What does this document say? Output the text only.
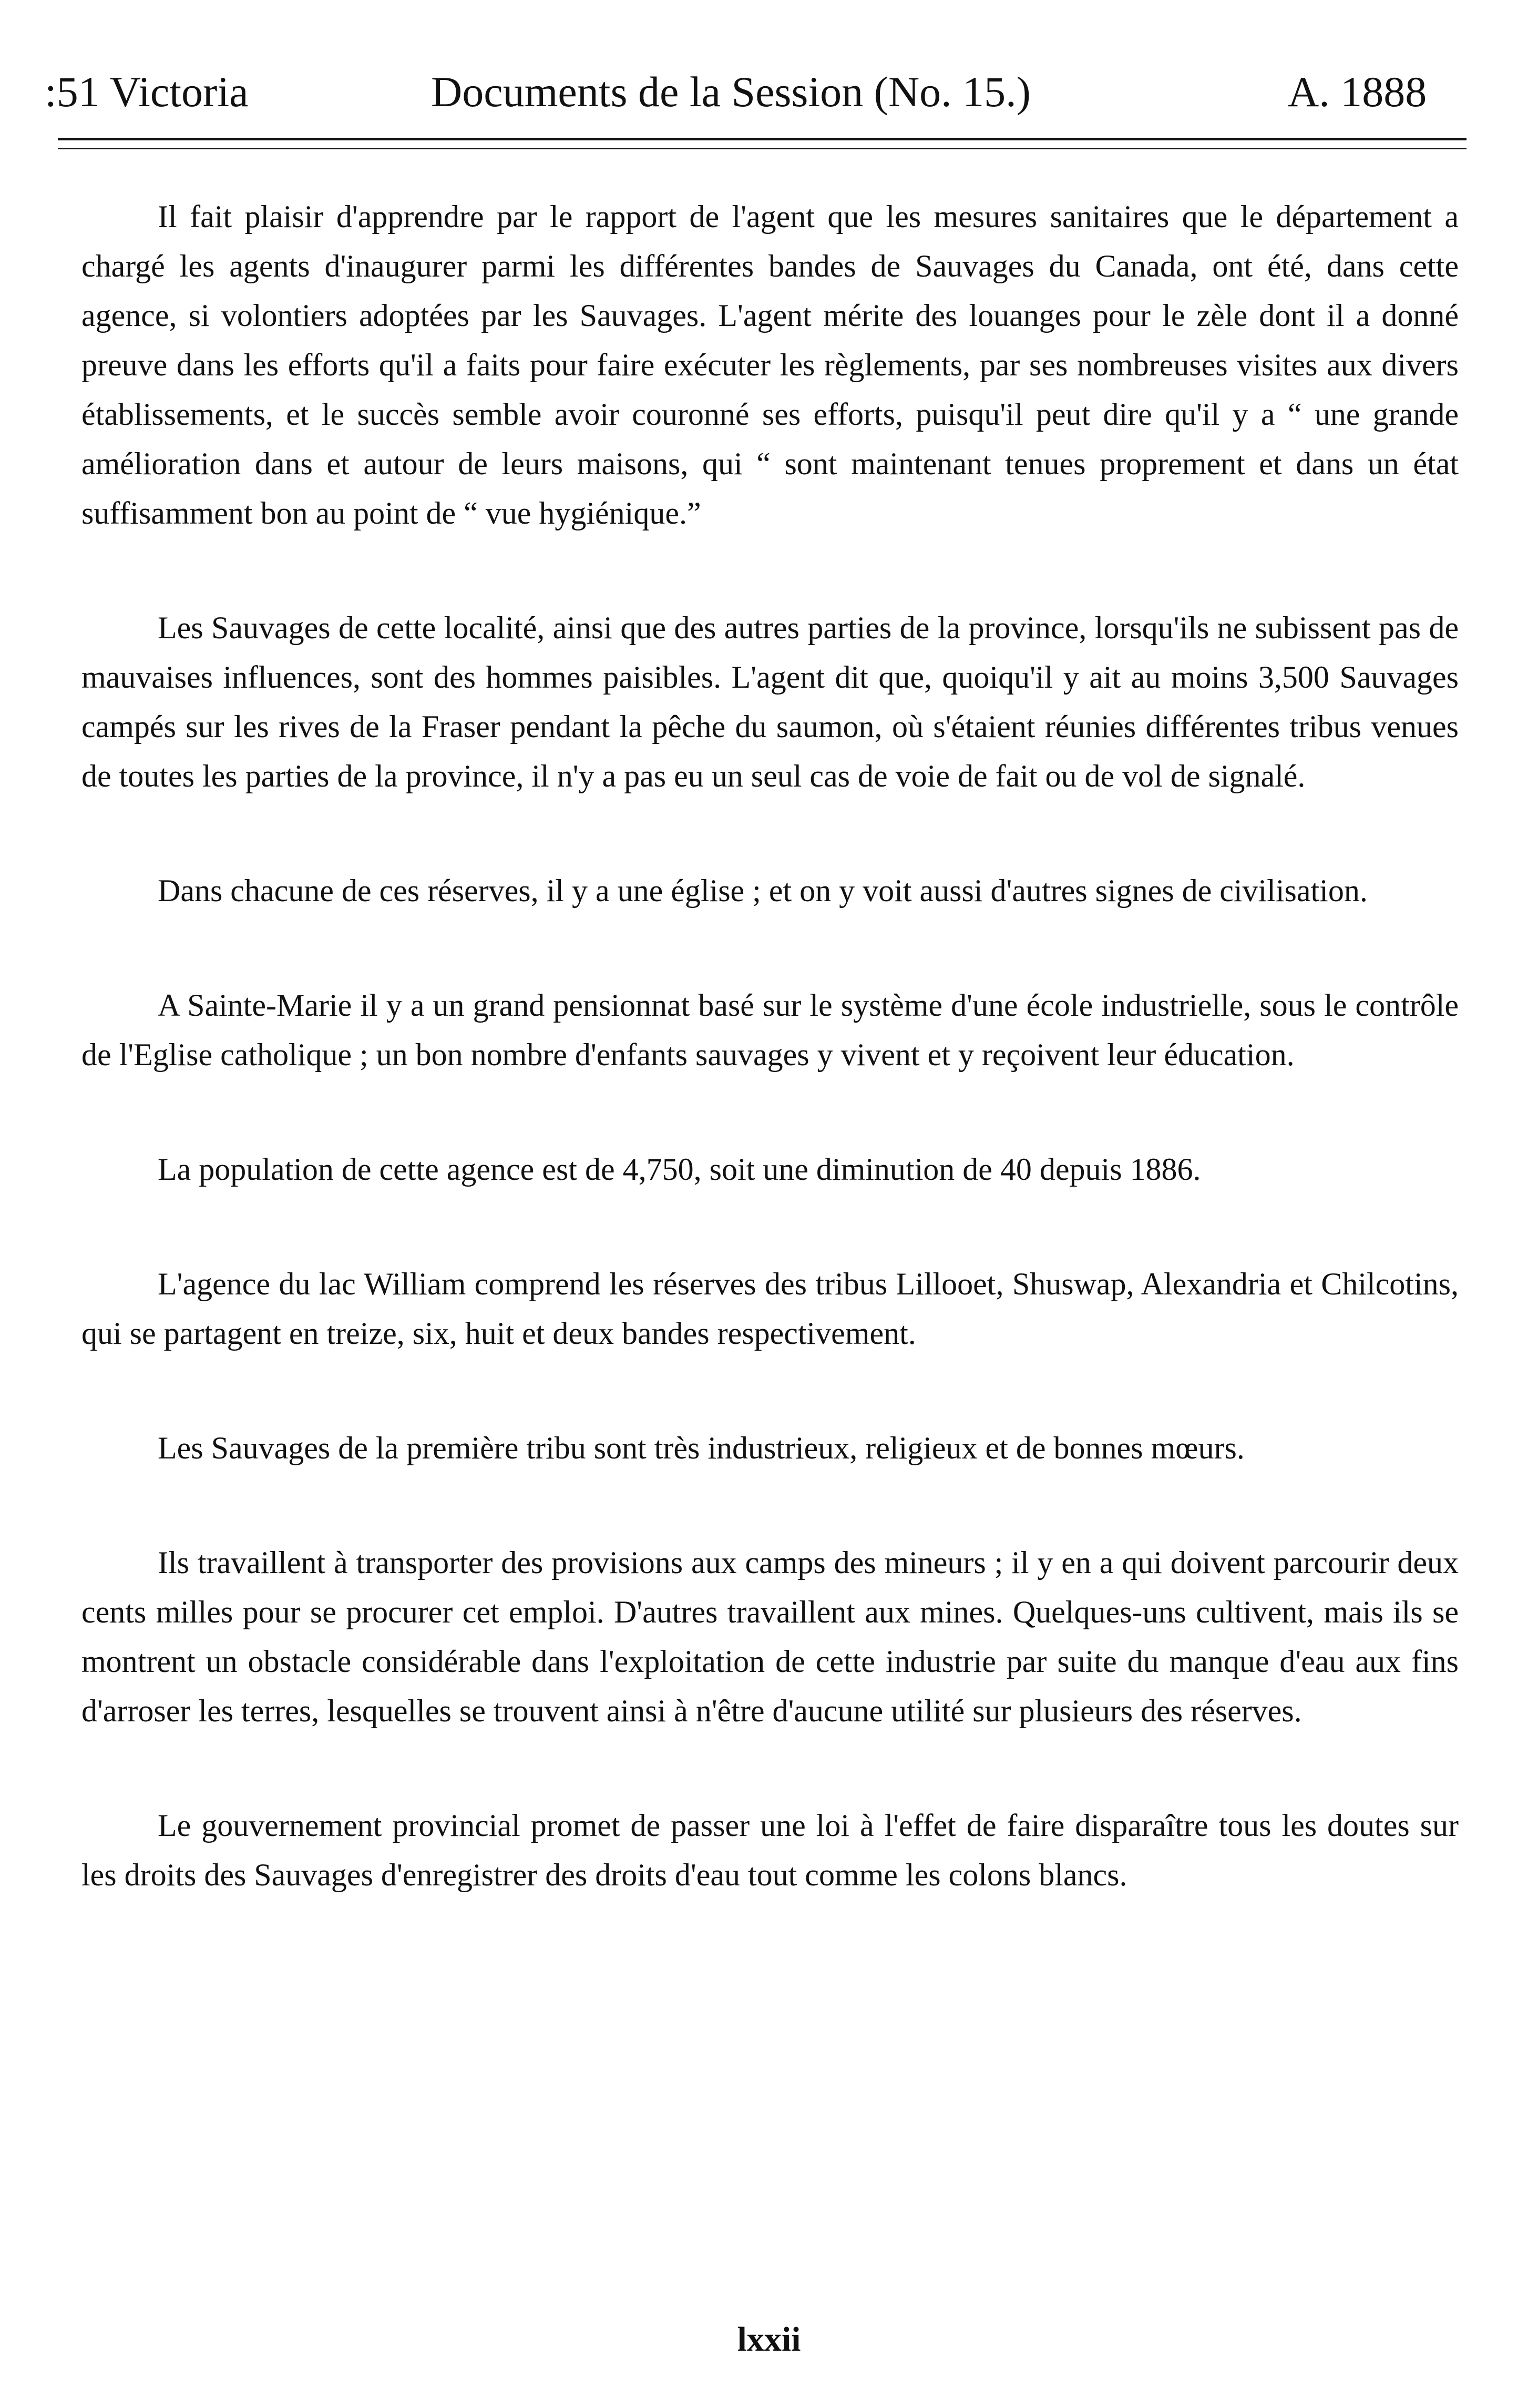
:51 Victoria	Documents de la Session (No. 15.)	A. 1888

Il fait plaisir d'apprendre par le rapport de l'agent que les mesures sanitaires que le département a chargé les agents d'inaugurer parmi les différentes bandes de Sauvages du Canada, ont été, dans cette agence, si volontiers adoptées par les Sauvages. L'agent mérite des louanges pour le zèle dont il a donné preuve dans les efforts qu'il a faits pour faire exécuter les règlements, par ses nombreuses visites aux divers établissements, et le succès semble avoir couronné ses efforts, puisqu'il peut dire qu'il y a “ une grande amélioration dans et autour de leurs maisons, qui “ sont maintenant tenues proprement et dans un état suffisamment bon au point de “ vue hygiénique.”

Les Sauvages de cette localité, ainsi que des autres parties de la province, lorsqu'ils ne subissent pas de mauvaises influences, sont des hommes paisibles. L'agent dit que, quoiqu'il y ait au moins 3,500 Sauvages campés sur les rives de la Fraser pendant la pêche du saumon, où s'étaient réunies différentes tribus venues de toutes les parties de la province, il n'y a pas eu un seul cas de voie de fait ou de vol de signalé.

Dans chacune de ces réserves, il y a une église ; et on y voit aussi d'autres signes de civilisation.

A Sainte-Marie il y a un grand pensionnat basé sur le système d'une école industrielle, sous le contrôle de l'Eglise catholique ; un bon nombre d'enfants sauvages y vivent et y reçoivent leur éducation.

La population de cette agence est de 4,750, soit une diminution de 40 depuis 1886.

L'agence du lac William comprend les réserves des tribus Lillooet, Shuswap, Alexandria et Chilcotins, qui se partagent en treize, six, huit et deux bandes respectivement.

Les Sauvages de la première tribu sont très industrieux, religieux et de bonnes mœurs.

Ils travaillent à transporter des provisions aux camps des mineurs ; il y en a qui doivent parcourir deux cents milles pour se procurer cet emploi. D'autres travaillent aux mines. Quelques-uns cultivent, mais ils se montrent un obstacle considérable dans l'exploitation de cette industrie par suite du manque d'eau aux fins d'arroser les terres, lesquelles se trouvent ainsi à n'être d'aucune utilité sur plusieurs des réserves.

Le gouvernement provincial promet de passer une loi à l'effet de faire disparaître tous les doutes sur les droits des Sauvages d'enregistrer des droits d'eau tout comme les colons blancs.

lxxii
